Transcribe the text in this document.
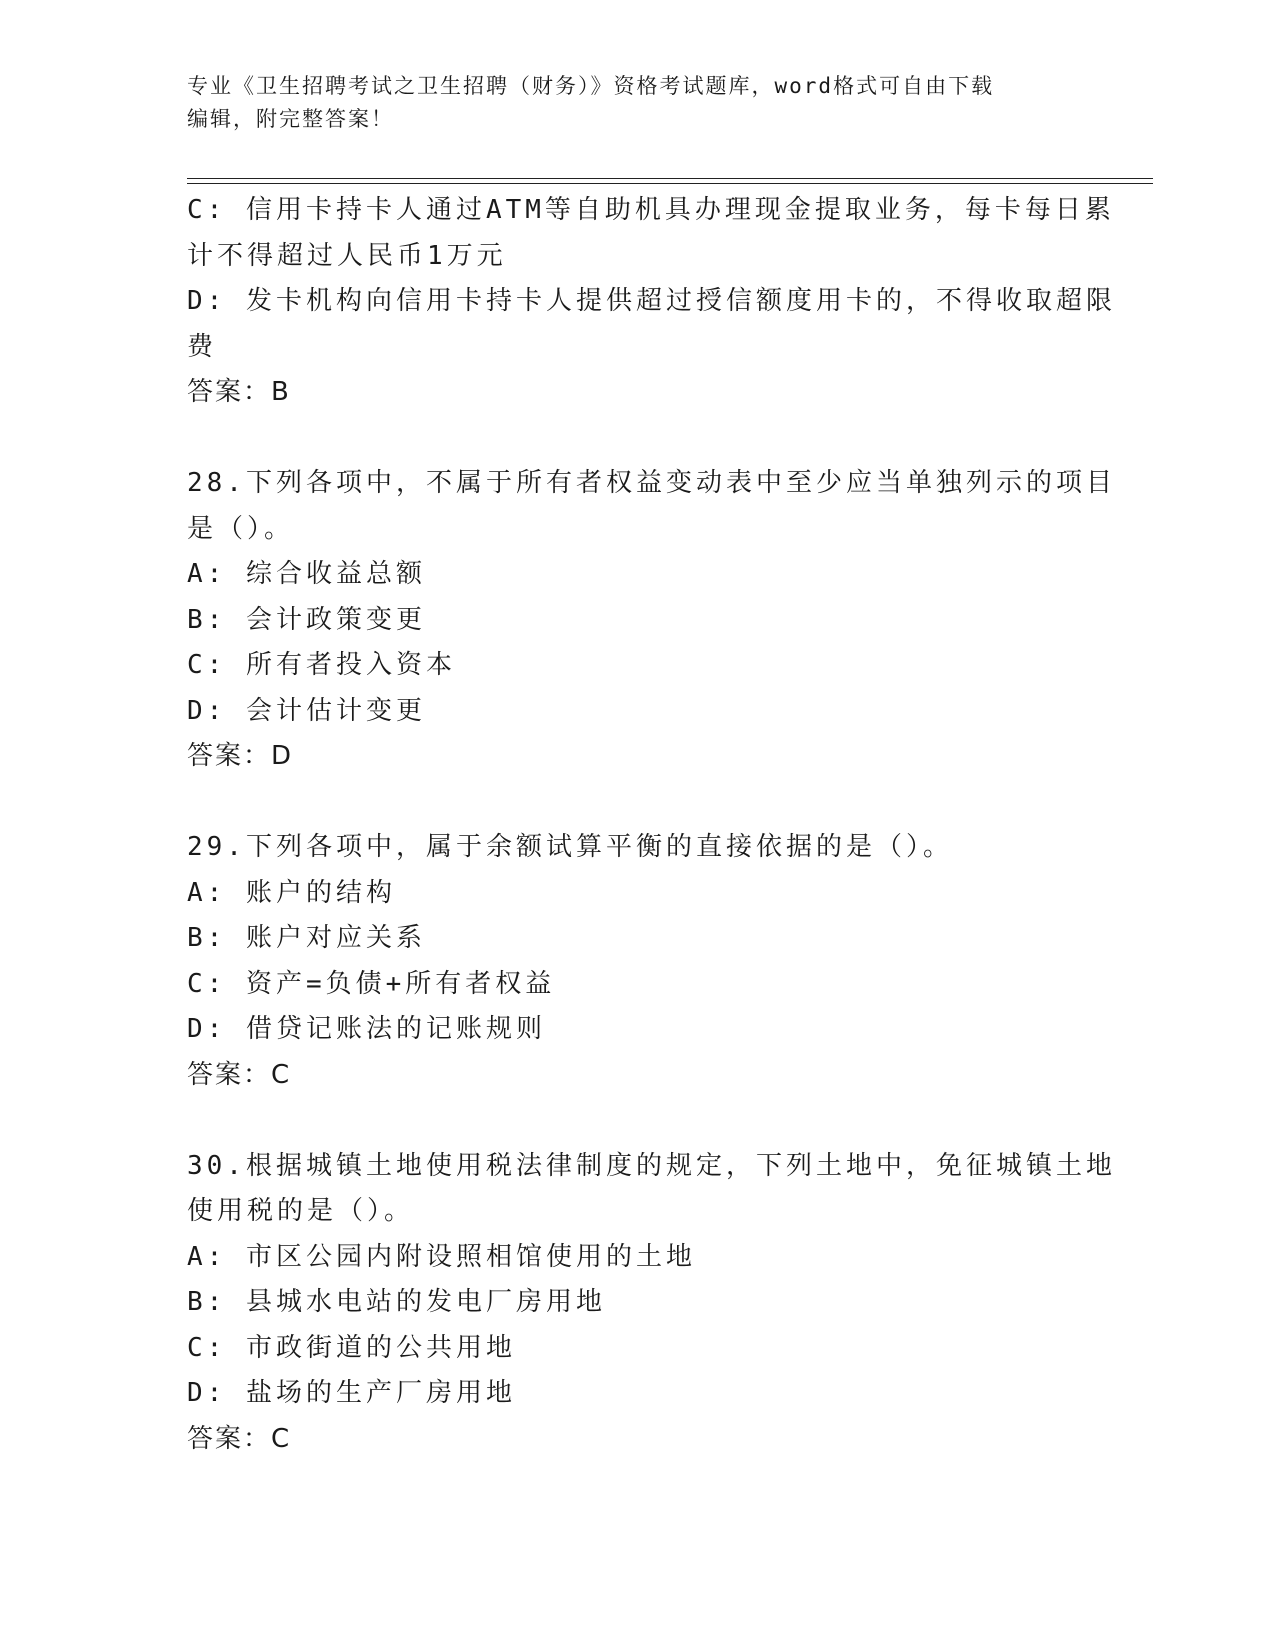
专业《卫生招聘考试之卫生招聘（财务）》资格考试题库，word格式可自由下载
编辑，附完整答案！
C: 信用卡持卡人通过ATM等自助机具办理现金提取业务，每卡每日累
计不得超过人民币1万元
D: 发卡机构向信用卡持卡人提供超过授信额度用卡的，不得收取超限
费
答案：B
28.下列各项中，不属于所有者权益变动表中至少应当单独列示的项目
是（）。
A: 综合收益总额
B: 会计政策变更
C: 所有者投入资本
D: 会计估计变更
答案：D
29.下列各项中，属于余额试算平衡的直接依据的是（）。
A: 账户的结构
B: 账户对应关系
C: 资产=负债+所有者权益
D: 借贷记账法的记账规则
答案：C
30.根据城镇土地使用税法律制度的规定，下列土地中，免征城镇土地
使用税的是（）。
A: 市区公园内附设照相馆使用的土地
B: 县城水电站的发电厂房用地
C: 市政街道的公共用地
D: 盐场的生产厂房用地
答案：C
